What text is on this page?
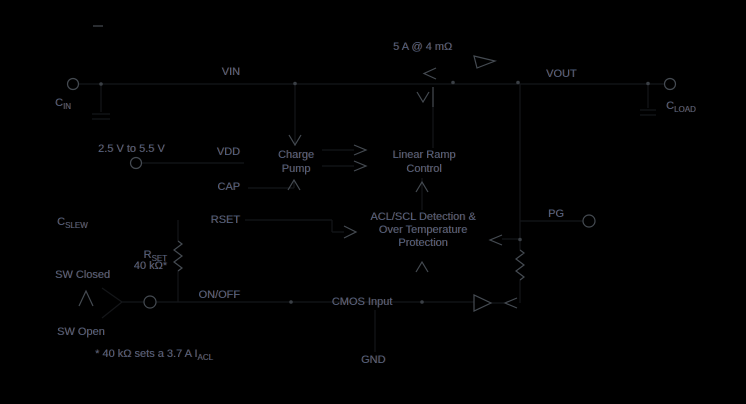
VIN	VOUT
VDD
CAP
RSET
ON/OFF
PG
GND
Charge
Pump
Linear Ramp
Control
ACL/SCL Detection &
Over Temperature
Protection
CMOS Input
5 A @ 4 mΩ
2.5 V to 5.5 V
$C_{IN}$	$C_{LOAD}$
$C_{SLEW}$
$R_{SET}$
40 kΩ*
SW Closed
SW Open
* 40 kΩ sets a 3.7 A $I_{ACL}$
